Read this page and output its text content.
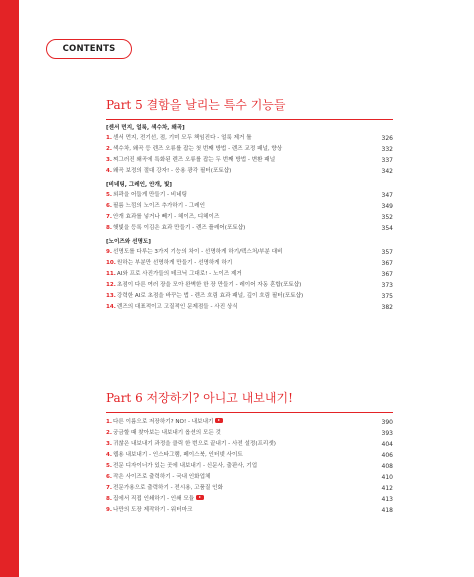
CONTENTS
Part 5 결함을 날리는 특수 기능들
[센서 먼지, 얼룩, 색수차, 왜곡]
1.센서 먼지, 전기선, 점, 기미 모두 책임진다 - 얼룩 제거 툴	326
2.색수차, 왜곡 등 렌즈 오류를 잡는 첫 번째 방법 - 렌즈 교정 패널, 향상	332
3.찌그러진 왜곡에 특화된 렌즈 오류를 잡는 두 번째 방법 - 변환 패널	337
4.왜곡 보정의 절대 강자! - 응용 광각 필터(포토샵)	342
[비네팅, 그레인, 안개, 빛]
5.외곽을 어둡게 만들기 - 비네팅	347
6.필름 느낌의 노이즈 추가하기 - 그레인	349
7.안개 효과를 넣거나 빼기 - 헤이즈, 디헤이즈	352
8.햇빛을 등록 이김은 효과 만들기 - 렌즈 플레어(포토샵)	354
[노이즈와 선명도]
9.선명도를 다루는 3가지 기능의 차이 - 선명하게 하기/텍스처/부분 대비	357
10.원하는 부분만 선명하게 만들기 - 선명하게 하기	367
11.AI와 프로 사진가들의 테크닉 그대로! - 노이즈 제거	367
12.초점이 다른 여러 장을 모아 완벽한 한 장 만들기 - 레이어 자동 혼합(포토샵)	373
13.강력한 AI로 초점을 바꾸는 법 - 렌즈 흐림 효과 패널, 깊이 흐림 필터(포토샵)	375
14.렌즈의 대표적이고 고질적인 문제점들 - 사진 상식	382
Part 6 저장하기? 아니고 내보내기!
1.다른 이름으로 저장하기? NO! - 내보내기	390
2.궁금할 때 찾아보는 내보내기 옵션의 모든 것	393
3.귀찮은 내보내기 과정을 클릭 한 번으로 끝내기 - 사전 설정(프리셋)	404
4.웹용 내보내기 - 인스타그램, 페이스북, 인터넷 사이트	406
5.전문 디자이너가 있는 곳에 내보내기 - 신문사, 출판사, 기업	408
6.작은 사이즈로 출력하기 - 국내 인화업체	410
7.전문가용으로 출력하기 - 전시용, 고품질 인화	412
8.집에서 직접 인쇄하기 - 인쇄 모듈	413
9.나만의 도장 제작하기 - 워터마크	418
